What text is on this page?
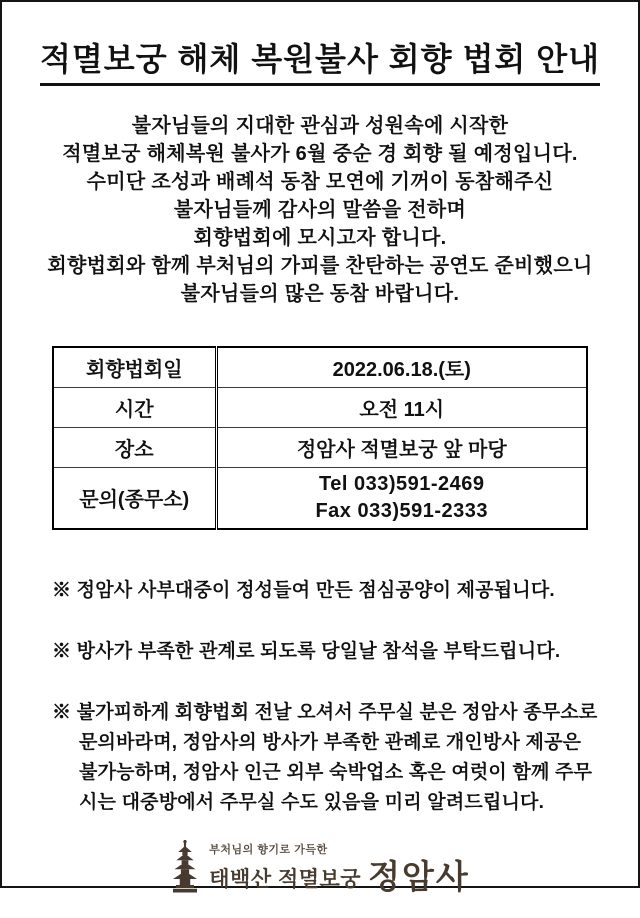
적멸보궁 해체 복원불사 회향 법회 안내
불자님들의 지대한 관심과 성원속에 시작한
적멸보궁 해체복원 불사가 6월 중순 경 회향 될 예정입니다.
수미단 조성과 배례석 동참 모연에 기꺼이 동참해주신
불자님들께 감사의 말씀을 전하며
회향법회에 모시고자 합니다.
회향법회와 함께 부처님의 가피를 찬탄하는 공연도 준비했으니
불자님들의 많은 동참 바랍니다.
회향법회일	2022.06.18.(토)
시간	오전 11시
장소	정암사 적멸보궁 앞 마당
문의(종무소)	Tel 033)591-2469
Fax 033)591-2333

※ 정암사 사부대중이 정성들여 만든 점심공양이 제공됩니다.

※ 방사가 부족한 관계로 되도록 당일날 참석을 부탁드립니다.

※ 불가피하게 회향법회 전날 오셔서 주무실 분은 정암사 종무소로 문의바라며, 정암사의 방사가 부족한 관례로 개인방사 제공은 불가능하며, 정암사 인근 외부 숙박업소 혹은 여럿이 함께 주무시는 대중방에서 주무실 수도 있음을 미리 알려드립니다.

부처님의 향기로 가득한
태백산 적멸보궁 정암사
